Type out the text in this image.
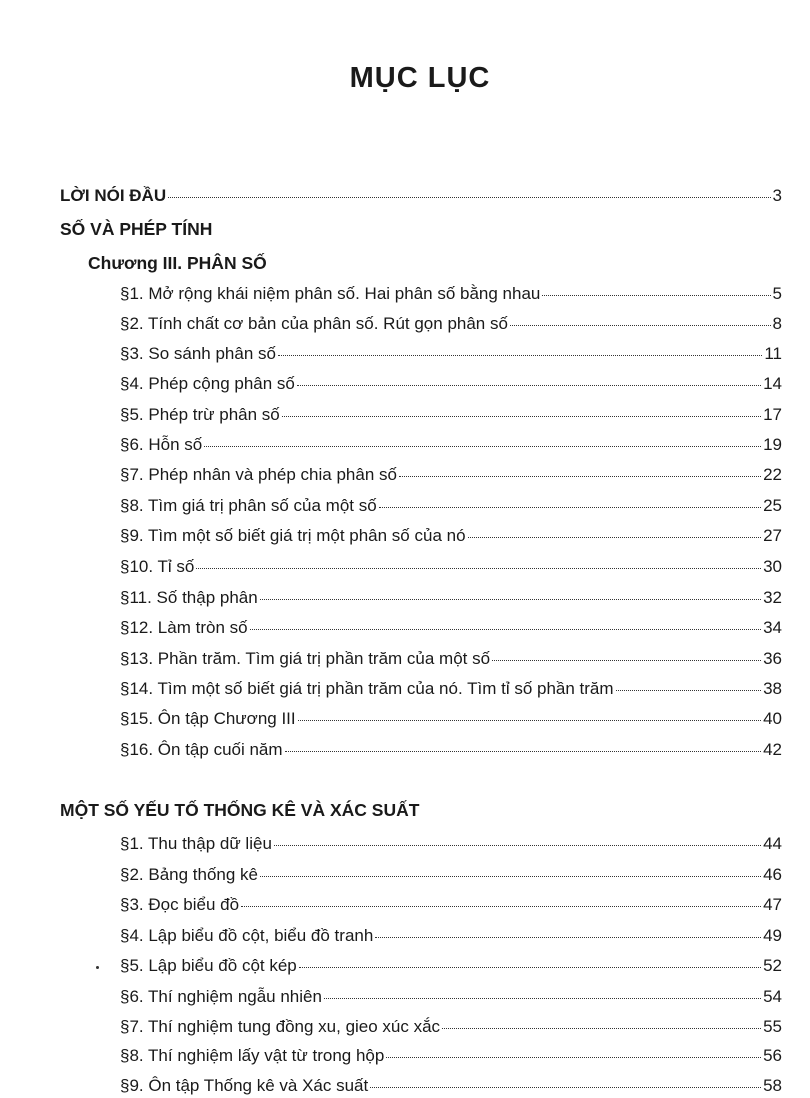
MỤC LỤC
LỜI NÓI ĐẦU	3
SỐ VÀ PHÉP TÍNH
Chương III. PHÂN SỐ
§1. Mở rộng khái niệm phân số. Hai phân số bằng nhau	5
§2. Tính chất cơ bản của phân số. Rút gọn phân số	8
§3. So sánh phân số	11
§4. Phép cộng phân số	14
§5. Phép trừ phân số	17
§6. Hỗn số	19
§7. Phép nhân và phép chia phân số	22
§8. Tìm giá trị phân số của một số	25
§9. Tìm một số biết giá trị một phân số của nó	27
§10. Tỉ số	30
§11. Số thập phân	32
§12. Làm tròn số	34
§13. Phần trăm. Tìm giá trị phần trăm của một số	36
§14. Tìm một số biết giá trị phần trăm của nó. Tìm tỉ số phần trăm	38
§15. Ôn tập Chương III	40
§16. Ôn tập cuối năm	42
MỘT SỐ YẾU TỐ THỐNG KÊ VÀ XÁC SUẤT
§1. Thu thập dữ liệu	44
§2. Bảng thống kê	46
§3. Đọc biểu đồ	47
§4. Lập biểu đồ cột, biểu đồ tranh	49
§5. Lập biểu đồ cột kép	52
§6. Thí nghiệm ngẫu nhiên	54
§7. Thí nghiệm tung đồng xu, gieo xúc xắc	55
§8. Thí nghiệm lấy vật từ trong hộp	56
§9. Ôn tập Thống kê và Xác suất	58
